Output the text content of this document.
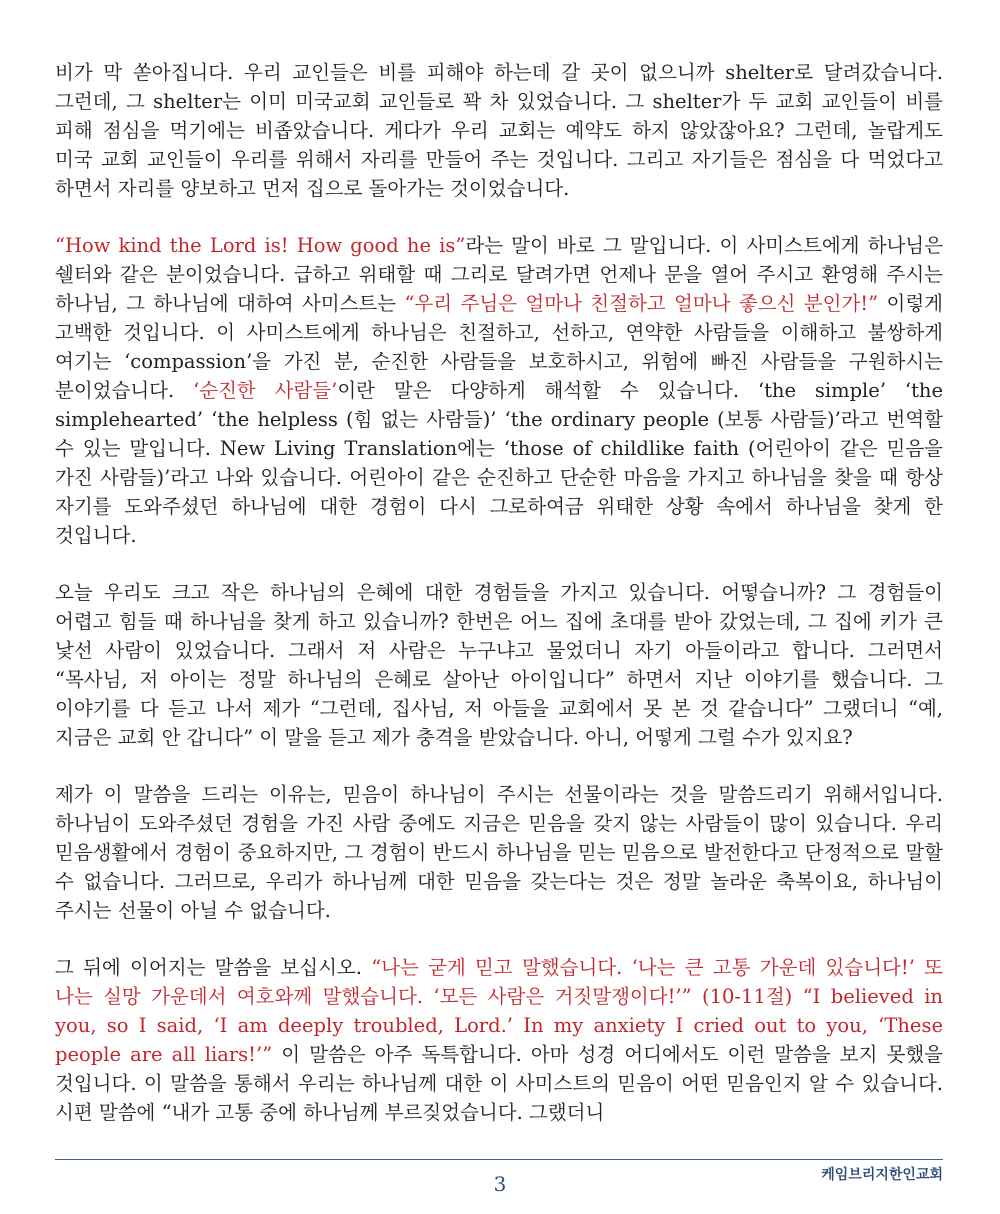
비가 막 쏟아집니다. 우리 교인들은 비를 피해야 하는데 갈 곳이 없으니까 shelter로 달려갔습니다. 그런데, 그 shelter는 이미 미국교회 교인들로 꽉 차 있었습니다. 그 shelter가 두 교회 교인들이 비를 피해 점심을 먹기에는 비좁았습니다. 게다가 우리 교회는 예약도 하지 않았잖아요? 그런데, 놀랍게도 미국 교회 교인들이 우리를 위해서 자리를 만들어 주는 것입니다. 그리고 자기들은 점심을 다 먹었다고 하면서 자리를 양보하고 먼저 집으로 돌아가는 것이었습니다.

“How kind the Lord is! How good he is”라는 말이 바로 그 말입니다. 이 사미스트에게 하나님은 쉘터와 같은 분이었습니다. 급하고 위태할 때 그리로 달려가면 언제나 문을 열어 주시고 환영해 주시는 하나님, 그 하나님에 대하여 사미스트는 “우리 주님은 얼마나 친절하고 얼마나 좋으신 분인가!” 이렇게 고백한 것입니다. 이 사미스트에게 하나님은 친절하고, 선하고, 연약한 사람들을 이해하고 불쌍하게 여기는 ‘compassion’을 가진 분, 순진한 사람들을 보호하시고, 위험에 빠진 사람들을 구원하시는 분이었습니다. ‘순진한 사람들’이란 말은 다양하게 해석할 수 있습니다. ‘the simple’ ‘the simplehearted’ ‘the helpless (힘 없는 사람들)’ ‘the ordinary people (보통 사람들)’라고 번역할 수 있는 말입니다. New Living Translation에는 ‘those of childlike faith (어린아이 같은 믿음을 가진 사람들)’라고 나와 있습니다. 어린아이 같은 순진하고 단순한 마음을 가지고 하나님을 찾을 때 항상 자기를 도와주셨던 하나님에 대한 경험이 다시 그로하여금 위태한 상황 속에서 하나님을 찾게 한 것입니다.

오늘 우리도 크고 작은 하나님의 은혜에 대한 경험들을 가지고 있습니다. 어떻습니까? 그 경험들이 어렵고 힘들 때 하나님을 찾게 하고 있습니까? 한번은 어느 집에 초대를 받아 갔었는데, 그 집에 키가 큰 낯선 사람이 있었습니다. 그래서 저 사람은 누구냐고 물었더니 자기 아들이라고 합니다. 그러면서 “목사님, 저 아이는 정말 하나님의 은혜로 살아난 아이입니다” 하면서 지난 이야기를 했습니다. 그 이야기를 다 듣고 나서 제가 “그런데, 집사님, 저 아들을 교회에서 못 본 것 같습니다” 그랬더니 “예, 지금은 교회 안 갑니다” 이 말을 듣고 제가 충격을 받았습니다. 아니, 어떻게 그럴 수가 있지요?

제가 이 말씀을 드리는 이유는, 믿음이 하나님이 주시는 선물이라는 것을 말씀드리기 위해서입니다. 하나님이 도와주셨던 경험을 가진 사람 중에도 지금은 믿음을 갖지 않는 사람들이 많이 있습니다. 우리 믿음생활에서 경험이 중요하지만, 그 경험이 반드시 하나님을 믿는 믿음으로 발전한다고 단정적으로 말할 수 없습니다. 그러므로, 우리가 하나님께 대한 믿음을 갖는다는 것은 정말 놀라운 축복이요, 하나님이 주시는 선물이 아닐 수 없습니다.

그 뒤에 이어지는 말씀을 보십시오. “나는 굳게 믿고 말했습니다. ‘나는 큰 고통 가운데 있습니다!’ 또 나는 실망 가운데서 여호와께 말했습니다. ‘모든 사람은 거짓말쟁이다!’” (10-11절) “I believed in you, so I said, ‘I am deeply troubled, Lord.’ In my anxiety I cried out to you, ‘These people are all liars!’” 이 말씀은 아주 독특합니다. 아마 성경 어디에서도 이런 말씀을 보지 못했을 것입니다. 이 말씀을 통해서 우리는 하나님께 대한 이 사미스트의 믿음이 어떤 믿음인지 알 수 있습니다. 시편 말씀에 “내가 고통 중에 하나님께 부르짖었습니다. 그랬더니

3	케임브리지한인교회
